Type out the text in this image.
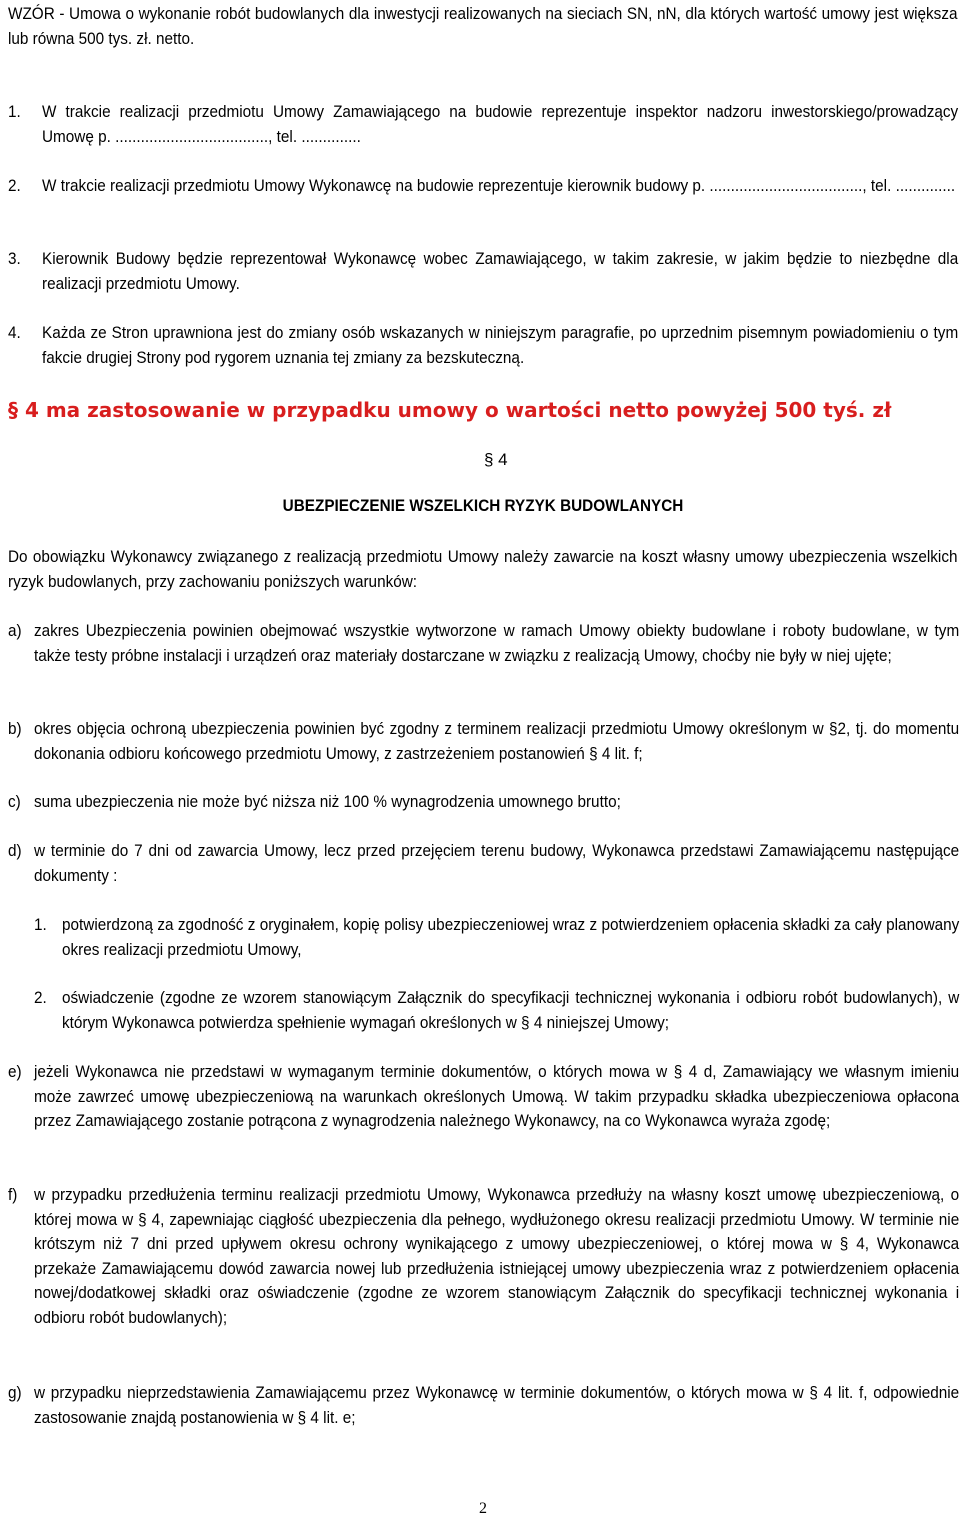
WZÓR - Umowa o wykonanie robót budowlanych dla inwestycji realizowanych na sieciach SN, nN, dla których wartość umowy jest większa lub równa 500 tys. zł. netto.
1. W trakcie realizacji przedmiotu Umowy Zamawiającego na budowie reprezentuje inspektor nadzoru inwestorskiego/prowadzący Umowę p. ...................................., tel. ..............
2. W trakcie realizacji przedmiotu Umowy Wykonawcę na budowie reprezentuje kierownik budowy p. ...................................., tel. ..............
3. Kierownik Budowy będzie reprezentował Wykonawcę wobec Zamawiającego, w takim zakresie, w jakim będzie to niezbędne dla realizacji przedmiotu Umowy.
4. Każda ze Stron uprawniona jest do zmiany osób wskazanych w niniejszym paragrafie, po uprzednim pisemnym powiadomieniu o tym fakcie drugiej Strony pod rygorem uznania tej zmiany za bezskuteczną.
§ 4 ma zastosowanie w przypadku umowy o wartości netto powyżej 500 tyś. zł
§ 4
UBEZPIECZENIE WSZELKICH RYZYK BUDOWLANYCH
Do obowiązku Wykonawcy związanego z realizacją przedmiotu Umowy należy zawarcie na koszt własny umowy ubezpieczenia wszelkich ryzyk budowlanych, przy zachowaniu poniższych warunków:
a) zakres Ubezpieczenia powinien obejmować wszystkie wytworzone w ramach Umowy obiekty budowlane i roboty budowlane, w tym także testy próbne instalacji i urządzeń oraz materiały dostarczane w związku z realizacją Umowy, choćby nie były w niej ujęte;
b) okres objęcia ochroną ubezpieczenia powinien być zgodny z terminem realizacji przedmiotu Umowy określonym w §2, tj. do momentu dokonania odbioru końcowego przedmiotu Umowy, z zastrzeżeniem postanowień § 4 lit. f;
c) suma ubezpieczenia nie może być niższa niż 100 % wynagrodzenia umownego brutto;
d) w terminie do 7 dni od zawarcia Umowy, lecz przed przejęciem terenu budowy, Wykonawca przedstawi Zamawiającemu następujące dokumenty :
1. potwierdzoną za zgodność z oryginałem, kopię polisy ubezpieczeniowej wraz z potwierdzeniem opłacenia składki za cały planowany okres realizacji przedmiotu Umowy,
2. oświadczenie (zgodne ze wzorem stanowiącym Załącznik do specyfikacji technicznej wykonania i odbioru robót budowlanych), w którym Wykonawca potwierdza spełnienie wymagań określonych w § 4 niniejszej Umowy;
e) jeżeli Wykonawca nie przedstawi w wymaganym terminie dokumentów, o których mowa w § 4 d, Zamawiający we własnym imieniu może zawrzeć umowę ubezpieczeniową na warunkach określonych Umową. W takim przypadku składka ubezpieczeniowa opłacona przez Zamawiającego zostanie potrącona z wynagrodzenia należnego Wykonawcy, na co Wykonawca wyraża zgodę;
f) w przypadku przedłużenia terminu realizacji przedmiotu Umowy, Wykonawca przedłuży na własny koszt umowę ubezpieczeniową, o której mowa w § 4, zapewniając ciągłość ubezpieczenia dla pełnego, wydłużonego okresu realizacji przedmiotu Umowy. W terminie nie krótszym niż 7 dni przed upływem okresu ochrony wynikającego z umowy ubezpieczeniowej, o której mowa w § 4, Wykonawca przekaże Zamawiającemu dowód zawarcia nowej lub przedłużenia istniejącej umowy ubezpieczenia wraz z potwierdzeniem opłacenia nowej/dodatkowej składki oraz oświadczenie (zgodne ze wzorem stanowiącym Załącznik do specyfikacji technicznej wykonania i odbioru robót budowlanych);
g) w przypadku nieprzedstawienia Zamawiającemu przez Wykonawcę w terminie dokumentów, o których mowa w § 4 lit. f, odpowiednie zastosowanie znajdą postanowienia w § 4 lit. e;
2
